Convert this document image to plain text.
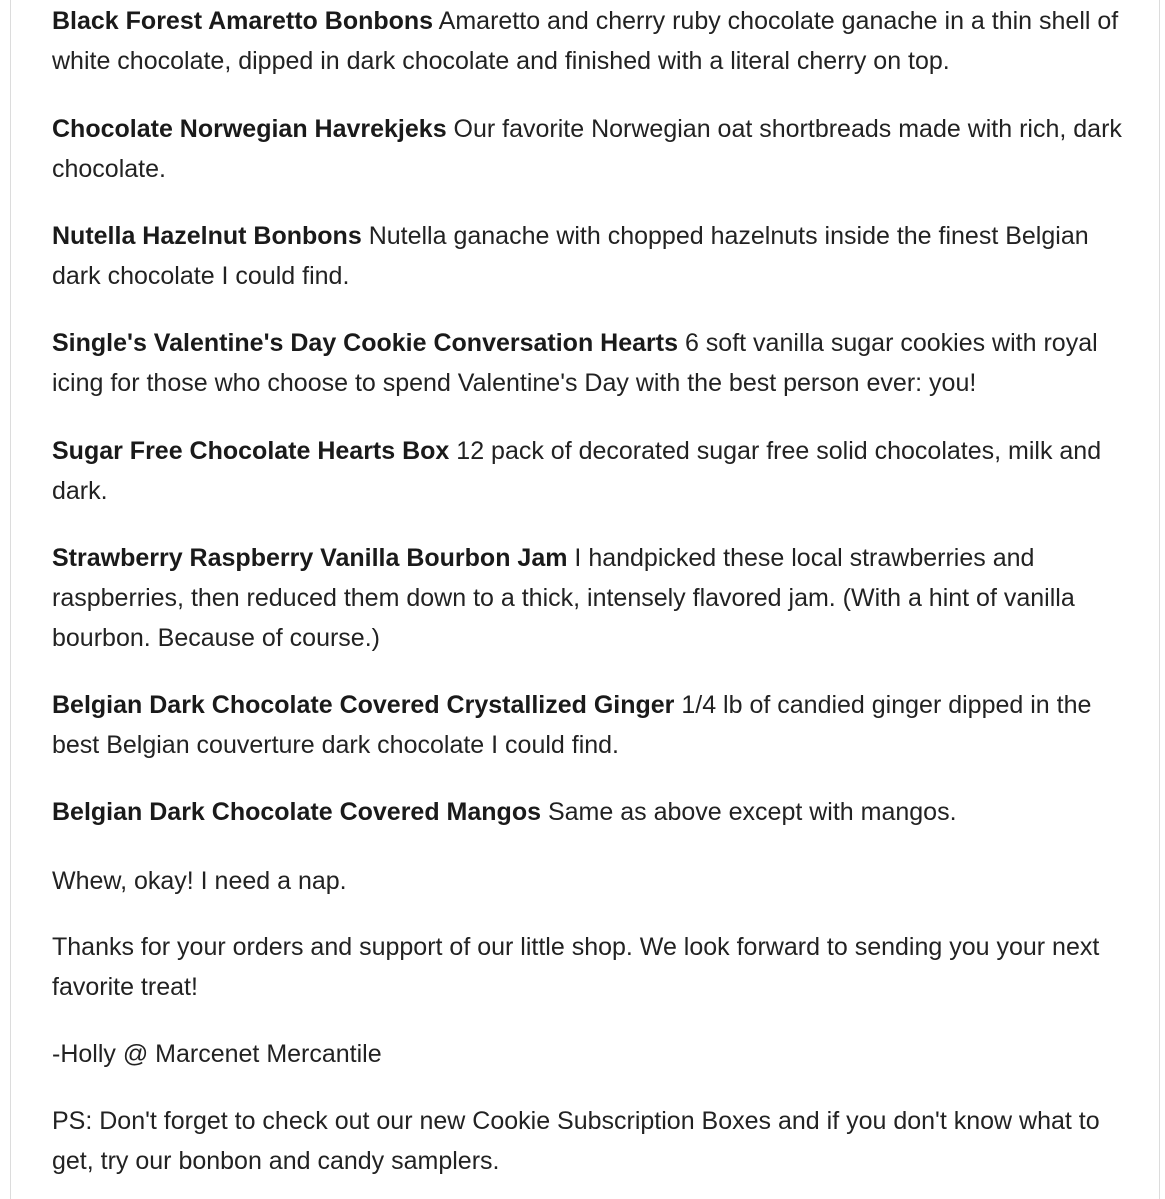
Black Forest Amaretto Bonbons Amaretto and cherry ruby chocolate ganache in a thin shell of white chocolate, dipped in dark chocolate and finished with a literal cherry on top.

Chocolate Norwegian Havrekjeks Our favorite Norwegian oat shortbreads made with rich, dark chocolate.

Nutella Hazelnut Bonbons Nutella ganache with chopped hazelnuts inside the finest Belgian dark chocolate I could find.

Single's Valentine's Day Cookie Conversation Hearts 6 soft vanilla sugar cookies with royal icing for those who choose to spend Valentine's Day with the best person ever: you!

Sugar Free Chocolate Hearts Box 12 pack of decorated sugar free solid chocolates, milk and dark.

Strawberry Raspberry Vanilla Bourbon Jam I handpicked these local strawberries and raspberries, then reduced them down to a thick, intensely flavored jam. (With a hint of vanilla bourbon. Because of course.)

Belgian Dark Chocolate Covered Crystallized Ginger 1/4 lb of candied ginger dipped in the best Belgian couverture dark chocolate I could find.

Belgian Dark Chocolate Covered Mangos Same as above except with mangos.

Whew, okay! I need a nap.

Thanks for your orders and support of our little shop. We look forward to sending you your next favorite treat!

-Holly @ Marcenet Mercantile

PS: Don't forget to check out our new Cookie Subscription Boxes and if you don't know what to get, try our bonbon and candy samplers.
